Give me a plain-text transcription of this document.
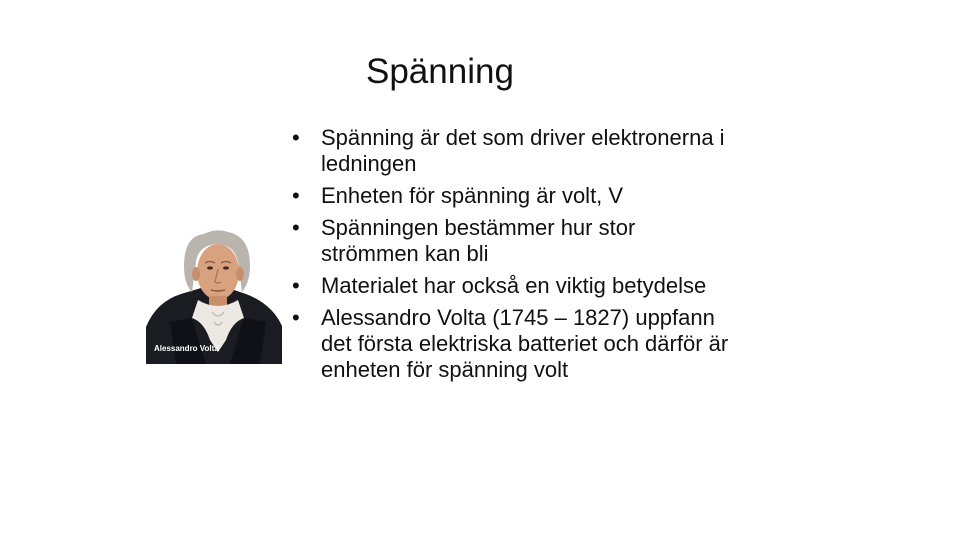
Spänning
• Spänning är det som driver elektronerna i ledningen
• Enheten för spänning är volt, V
• Spänningen bestämmer hur stor strömmen kan bli
• Materialet har också en viktig betydelse
• Alessandro Volta (1745 – 1827) uppfann det första elektriska batteriet och därför är enheten för spänning volt
Alessandro Volta
